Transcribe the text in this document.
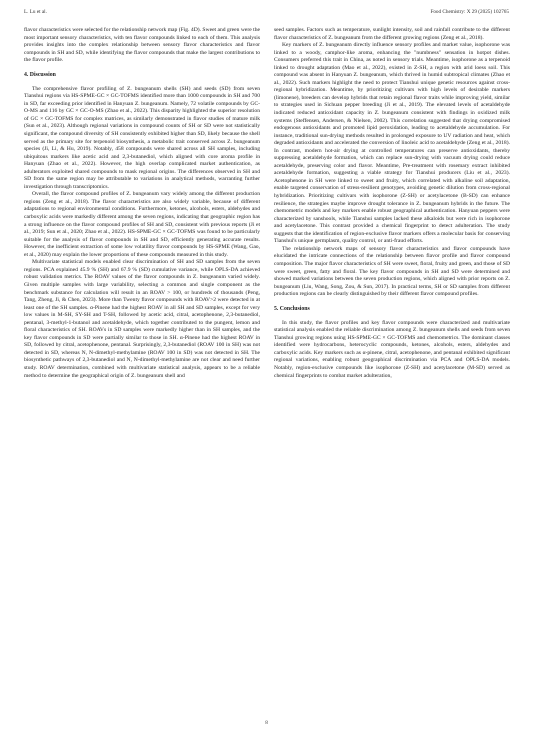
L. Lu et al.	Food Chemistry: X 29 (2025) 102765

flavor characteristics were selected for the relationship network map (Fig. 4D). Sweet and green were the most important sensory characteristics, with ten flavor compounds linked to each of them. This analysis provides insights into the complex relationship between sensory flavor characteristics and flavor compounds in SH and SD, while identifying the flavor compounds that make the largest contributions to the flavor profile.

4. Discussion

The comprehensive flavor profiling of Z. bungeanum shells (SH) and seeds (SD) from seven Tianshui regions via HS-SPME-GC × GC-TOFMS identified more than 1000 compounds in SH and 700 in SD, far exceeding prior identified in Hanyuan Z. bungeanum. Namely, 72 volatile compounds by GC-O-MS and 116 by GC × GC-O-MS (Zhao et al., 2022). This disparity highlighted the superior resolution of GC × GC-TOFMS for complex matrices, as similarly demonstrated in flavor studies of mature milk (Sun et al., 2023). Although regional variations in compound counts of SH or SD were not statistically significant, the compound diversity of SH consistently exhibited higher than SD, likely because the shell served as the primary site for terpenoid biosynthesis, a metabolic trait conserved across Z. bungeanum species (Ji, Li, & Hu, 2019). Notably, 458 compounds were shared across all SH samples, including ubiquitous markers like acetic acid and 2,3-butanediol, which aligned with core aroma profile in Hanyuan (Zhao et al., 2022). However, the high overlap complicated market authentication, as adulterators exploited shared compounds to mask regional origins. The differences observed in SH and SD from the same region may be attributable to variations in analytical methods, warranting further investigation through transcriptomics.

Overall, the flavor compound profiles of Z. bungeanum vary widely among the different production regions (Zeng et al., 2018). The flavor characteristics are also widely variable, because of different adaptations to regional environmental conditions. Furthermore, ketones, alcohols, esters, aldehydes and carboxylic acids were markedly different among the seven regions, indicating that geographic region has a strong influence on the flavor compound profiles of SH and SD, consistent with previous reports (Ji et al., 2019; Sun et al., 2020; Zhao et al., 2022). HS-SPME-GC × GC-TOFMS was found to be particularly suitable for the analysis of flavor compounds in SH and SD, efficiently generating accurate results. However, the inefficient extraction of some low volatility flavor compounds by HS-SPME (Wang, Gao, et al., 2020) may explain the lower proportions of these compounds measured in this study.

Multivariate statistical models enabled clear discrimination of SH and SD samples from the seven regions. PCA explained 45.9 % (SH) and 67.9 % (SD) cumulative variance, while OPLS-DA achieved robust validation metrics. The ROAV values of the flavor compounds in Z. bungeanum varied widely. Given multiple samples with large variability, selecting a common and single component as the benchmark substance for calculation will result in an ROAV > 100, or hundreds of thousands (Peng, Tang, Zheng, Ji, & Chen, 2023). More than Twenty flavor compounds with ROAV>2 were detected in at least one of the SH samples. α-Pinene had the highest ROAV in all SH and SD samples, except for very low values in M-SH, SY-SH and T-SH, followed by acetic acid, citral, acetophenone, 2,3-butanediol, pentanal, 3-methyl-1-butanol and acetaldehyde, which together contributed to the pungent, lemon and floral characteristics of SH. ROAVs in SD samples were markedly higher than in SH samples, and the key flavor compounds in SD were partially similar to those in SH. α-Pinene had the highest ROAV in SD, followed by citral, acetophenone, pentanal. Surprisingly, 2,3-butanediol (ROAV 100 in SH) was not detected in SD, whereas N, N-dimethyl-methylamine (ROAV 100 in SD) was not detected in SH. The biosynthetic pathways of 2,3-butanediol and N, N-dimethyl-methylamine are not clear and need further study. ROAV determination, combined with multivariate statistical analysis, appears to be a reliable method to determine the geographical origin of Z. bungeanum shell and

seed samples. Factors such as temperature, sunlight intensity, soil and rainfall contribute to the different flavor characteristics of Z. bungeanum from the different growing regions (Zeng et al., 2018).

Key markers of Z. bungeanum directly influence sensory profiles and market value, isophorone was linked to a woody, camphor-like aroma, enhancing the "numbness" sensation in hotpot dishes. Consumers preferred this trait in China, as noted in sensory trials. Meantime, isophorone as a terpenoid linked to drought adaptation (Mao et al., 2022), existed in Z-SH, a region with arid loess soil. This compound was absent in Hanyuan Z. bungeanum, which thrived in humid subtropical climates (Zhao et al., 2022). Such markers highlight the need to protect Tianshui unique genetic resources against cross-regional hybridization. Meantime, by prioritizing cultivars with high levels of desirable markers (limonene), breeders can develop hybrids that retain regional flavor traits while improving yield, similar to strategies used in Sichuan pepper breeding (Ji et al., 2019). The elevated levels of acetaldehyde indicated reduced antioxidant capacity in Z. bungeanum consistent with findings in oxidized milk systems (Steffensen, Andersen, & Nielsen, 2002). This correlation suggested that drying compromised endogenous antioxidants and promoted lipid peroxidation, leading to acetaldehyde accumulation. For instance, traditional sun-drying methods resulted in prolonged exposure to UV radiation and heat, which degraded antioxidants and accelerated the conversion of linoleic acid to acetaldehyde (Zeng et al., 2018). In contrast, modern hot-air drying at controlled temperatures can preserve antioxidants, thereby suppressing acetaldehyde formation, which can replace sun-drying with vacuum drying could reduce acetaldehyde, preserving color and flavor. Meantime, Pre-treatment with rosemary extract inhibited acetaldehyde formation, suggesting a viable strategy for Tianshui producers (Liu et al., 2023). Acetophenone in SH were linked to sweet and fruity, which correlated with alkaline soil adaptation, enable targeted conservation of stress-resilient genotypes, avoiding genetic dilution from cross-regional hybridization. Prioritizing cultivars with isophorone (Z-SH) or acetylacetone (B-SD) can enhance resilience, the strategies maybe improve drought tolerance in Z. bungeanum hybrids in the future. The chemometric models and key markers enable robust geographical authentication. Hanyuan peppers were characterized by sanshools, while Tianshui samples lacked these alkaloids but were rich in isophorone and acetylacetone. This contrast provided a chemical fingerprint to detect adulteration. The study suggests that the identification of region-exclusive flavor markers offers a molecular basis for conserving Tianshui's unique germplasm, quality control, or anti-fraud efforts.

The relationship network maps of sensory flavor characteristics and flavor compounds have elucidated the intricate connections of the relationship between flavor profile and flavor compound composition. The major flavor characteristics of SH were sweet, floral, fruity and green, and those of SD were sweet, green, fatty and floral. The key flavor compounds in SH and SD were determined and showed marked variations between the seven production regions, which aligned with prior reports on Z. bungeanum (Liu, Wang, Song, Zou, & Sun, 2017). In practical terms, SH or SD samples from different production regions can be clearly distinguished by their different flavor compound profiles.

5. Conclusions

In this study, the flavor profiles and key flavor compounds were characterized and multivariate statistical analysis enabled the reliable discrimination among Z. bungeanum shells and seeds from seven Tianshui growing regions using HS-SPME-GC × GC-TOFMS and chemometrics. The dominant classes identified were hydrocarbons, heterocyclic compounds, ketones, alcohols, esters, aldehydes and carboxylic acids. Key markers such as α-pinene, citral, acetophenone, and pentanal exhibited significant regional variations, enabling robust geographical discrimination via PCA and OPLS-DA models. Notably, region-exclusive compounds like isophorone (Z-SH) and acetylacetone (M-SD) served as chemical fingerprints to combat market adulteration,

8
